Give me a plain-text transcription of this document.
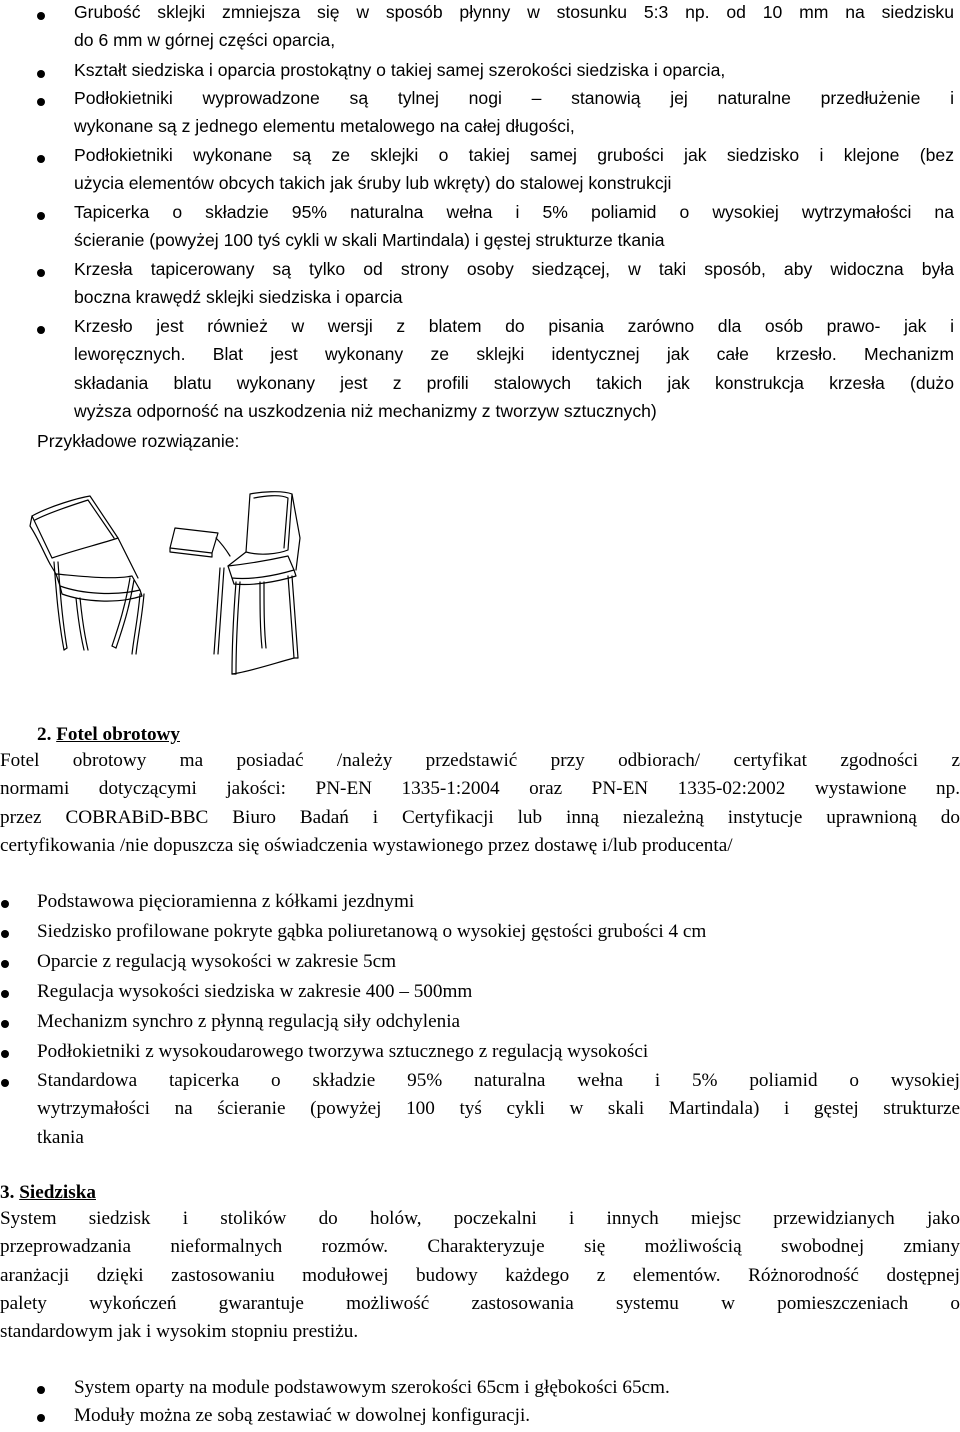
Grubość sklejki zmniejsza się w sposób płynny w stosunku 5:3 np. od 10 mm na siedzisku
do 6 mm w górnej części oparcia,
Kształt siedziska i oparcia prostokątny o takiej samej szerokości siedziska i oparcia,
Podłokietniki wyprowadzone są tylnej nogi – stanowią jej naturalne przedłużenie i
wykonane są z jednego elementu metalowego na całej długości,
Podłokietniki wykonane są ze sklejki o takiej samej grubości jak siedzisko i klejone (bez
użycia elementów obcych takich jak śruby lub wkręty) do stalowej konstrukcji
Tapicerka o składzie 95% naturalna wełna i 5% poliamid o wysokiej wytrzymałości na
ścieranie (powyżej 100 tyś cykli w skali Martindala) i gęstej strukturze tkania
Krzesła tapicerowany są tylko od strony osoby siedzącej, w taki sposób, aby widoczna była
boczna krawędź sklejki siedziska i oparcia
Krzesło jest również w wersji z blatem do pisania zarówno dla osób prawo- jak i
leworęcznych. Blat jest wykonany ze sklejki identycznej jak całe krzesło. Mechanizm
składania blatu wykonany jest z profili stalowych takich jak konstrukcja krzesła (dużo
wyższa odporność na uszkodzenia niż mechanizmy z tworzyw sztucznych)
Przykładowe rozwiązanie:
2. Fotel obrotowy
Fotel obrotowy ma posiadać /należy przedstawić przy odbiorach/ certyfikat zgodności z
normami dotyczącymi jakości: PN-EN 1335-1:2004 oraz PN-EN 1335-02:2002 wystawione np.
przez COBRABiD-BBC Biuro Badań i Certyfikacji lub inną niezależną instytucje uprawnioną do
certyfikowania /nie dopuszcza się oświadczenia wystawionego przez dostawę i/lub producenta/
Podstawowa pięcioramienna z kółkami jezdnymi
Siedzisko profilowane pokryte gąbka poliuretanową o wysokiej gęstości grubości 4 cm
Oparcie z regulacją wysokości w zakresie 5cm
Regulacja wysokości siedziska w zakresie 400 – 500mm
Mechanizm synchro z płynną regulacją siły odchylenia
Podłokietniki z wysokoudarowego tworzywa sztucznego z regulacją wysokości
Standardowa tapicerka o składzie 95% naturalna wełna i 5% poliamid o wysokiej
wytrzymałości na ścieranie (powyżej 100 tyś cykli w skali Martindala) i gęstej strukturze
tkania
3. Siedziska
System siedzisk i stolików do holów, poczekalni i innych miejsc przewidzianych jako
przeprowadzania nieformalnych rozmów. Charakteryzuje się możliwością swobodnej zmiany
aranżacji dzięki zastosowaniu modułowej budowy każdego z elementów. Różnorodność dostępnej
palety wykończeń gwarantuje możliwość zastosowania systemu w pomieszczeniach o
standardowym jak i wysokim stopniu prestiżu.
System oparty na module podstawowym szerokości 65cm i głębokości 65cm.
Moduły można ze sobą zestawiać w dowolnej konfiguracji.
